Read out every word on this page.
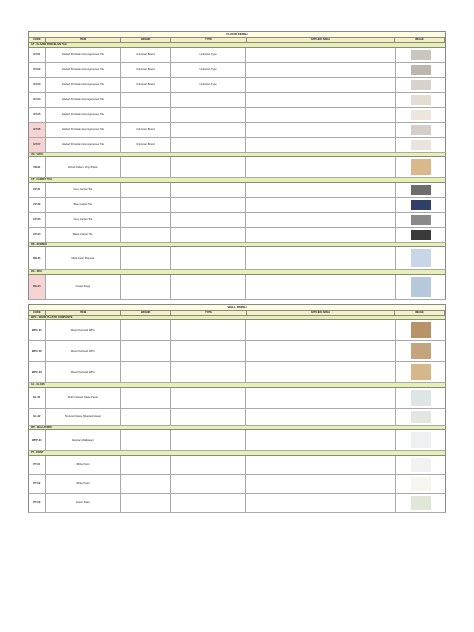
FLOOR FINISH
CODE	ITEM	BRAND	TYPE	APPLIED AREA	IMAGE
GT - GLAZED PORCELAIN TILE
GT-01	Glazed Porcelain Homogeneous Tile	Unknown Brand	Unknown Type
GT-02	Glazed Porcelain Homogeneous Tile	Unknown Brand	Unknown Type
GT-03	Glazed Porcelain Homogeneous Tile	Unknown Brand	Unknown Type
GT-04	Glazed Porcelain Homogeneous Tile
GT-05	Glazed Porcelain Homogeneous Tile
GT-06	Glazed Porcelain Homogeneous Tile	Unknown Brand
GT-07	Glazed Porcelain Homogeneous Tile	Unknown Brand
VN - VINYL
VN-01	Wood Pattern Vinyl Plank
CP - CARPET TILE
CP-01	Grey Carpet Tile
CP-02	Blue Carpet Tile
CP-03	Grey Carpet Tile
CP-04	Black Carpet Tile
RB - RUBBER
RB-01	Multi-Color Playmat
RG - RUG
RG-01	Carpet Rugs
WALL FINISH
CODE	ITEM	BRAND	TYPE	APPLIED AREA	IMAGE
WPC - WOOD PLASTIC COMPOSITE
WPC-01	Wood Textured WPC
WPC-02	Wood Textured WPC
WPC-03	Wood Textured WPC
GL - GLASS
GL-01	Multi Colored Glass Panel
GL-02	Textured Glass (Reeded Glass)
WP - WALLPAPER
WPP-01	Abstract Wallpaper
PT - PAINT
PT-01	White Paint
PT-02	White Paint
PT-03	Green Paint
